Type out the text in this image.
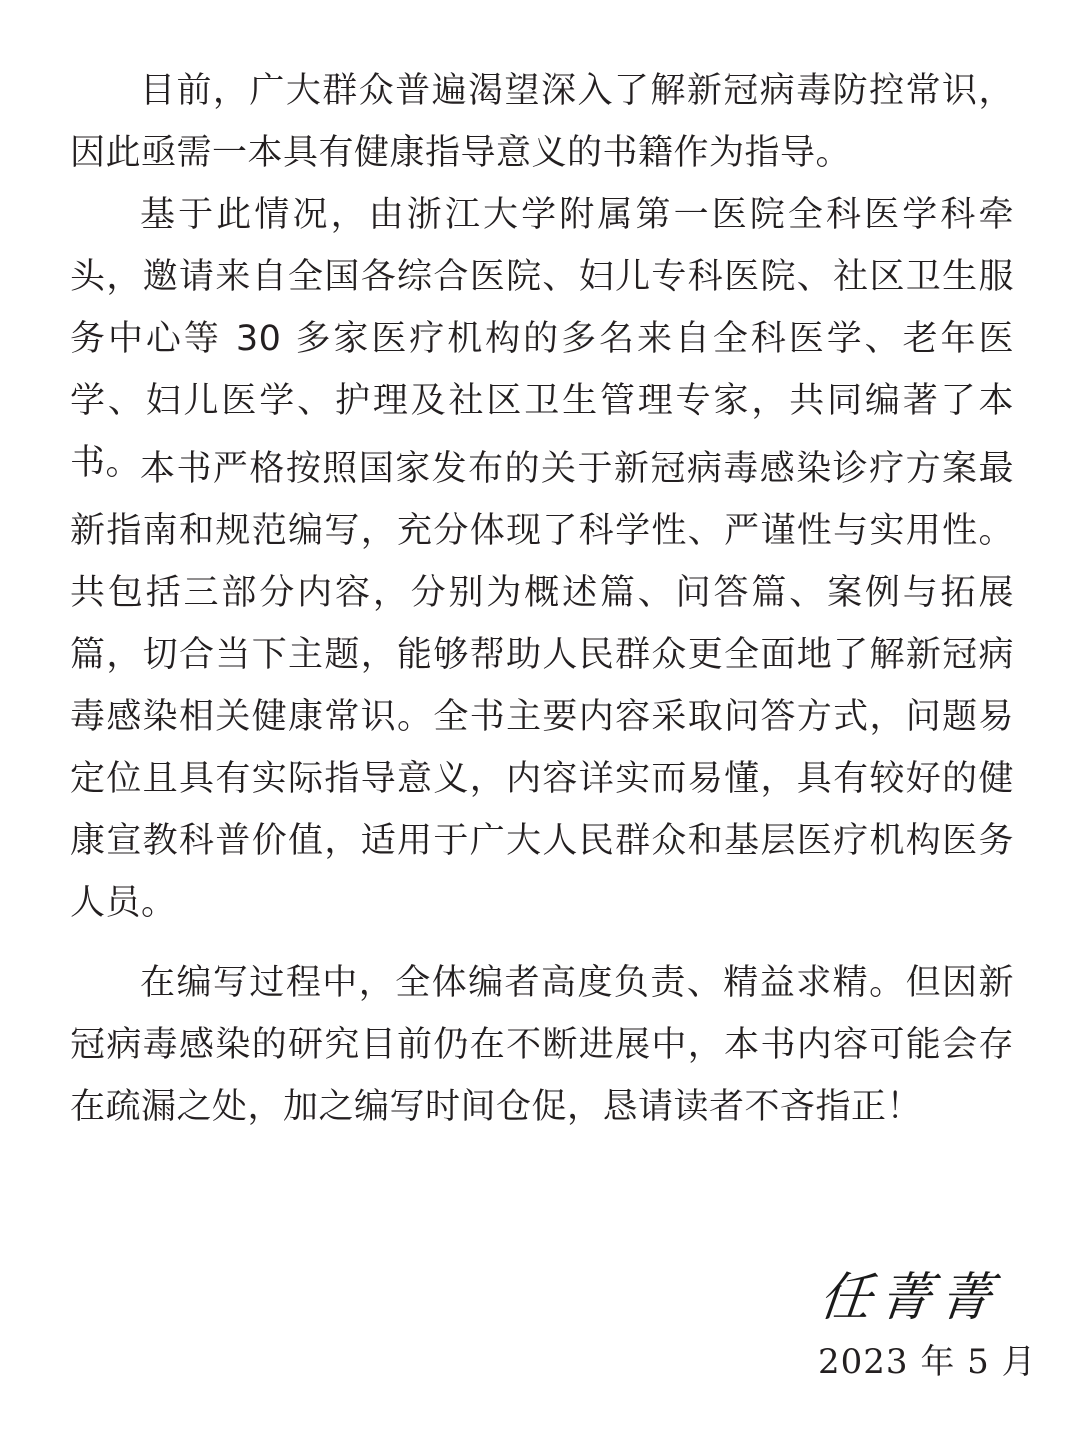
目前，广大群众普遍渴望深入了解新冠病毒防控常识，因此亟需一本具有健康指导意义的书籍作为指导。

基于此情况，由浙江大学附属第一医院全科医学科牵头，邀请来自全国各综合医院、妇儿专科医院、社区卫生服务中心等 30 多家医疗机构的多名来自全科医学、老年医学、妇儿医学、护理及社区卫生管理专家，共同编著了本书。

本书严格按照国家发布的关于新冠病毒感染诊疗方案最新指南和规范编写，充分体现了科学性、严谨性与实用性。共包括三部分内容，分别为概述篇、问答篇、案例与拓展篇，切合当下主题，能够帮助人民群众更全面地了解新冠病毒感染相关健康常识。全书主要内容采取问答方式，问题易定位且具有实际指导意义，内容详实而易懂，具有较好的健康宣教科普价值，适用于广大人民群众和基层医疗机构医务人员。

在编写过程中，全体编者高度负责、精益求精。但因新冠病毒感染的研究目前仍在不断进展中，本书内容可能会存在疏漏之处，加之编写时间仓促，恳请读者不吝指正！

任菁菁
2023 年 5 月
